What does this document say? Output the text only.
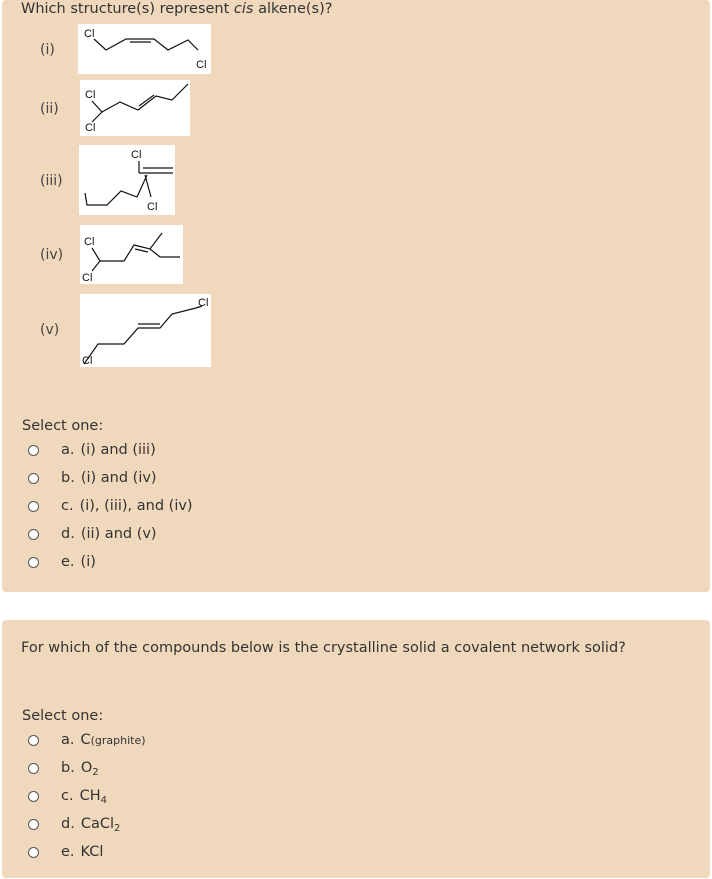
Which structure(s) represent cis alkene(s)?
(i)
Cl
Cl
(ii)
Cl
Cl
(iii)
Cl
Cl
(iv)
Cl
Cl
(v)
Cl
Cl
Select one:
a. (i) and (iii)
b. (i) and (iv)
c. (i), (iii), and (iv)
d. (ii) and (v)
e. (i)
For which of the compounds below is the crystalline solid a covalent network solid?
Select one:
a. C(graphite)
b. $O_2$
c. $CH_4$
d. CaCl$_2$
e. KCl
